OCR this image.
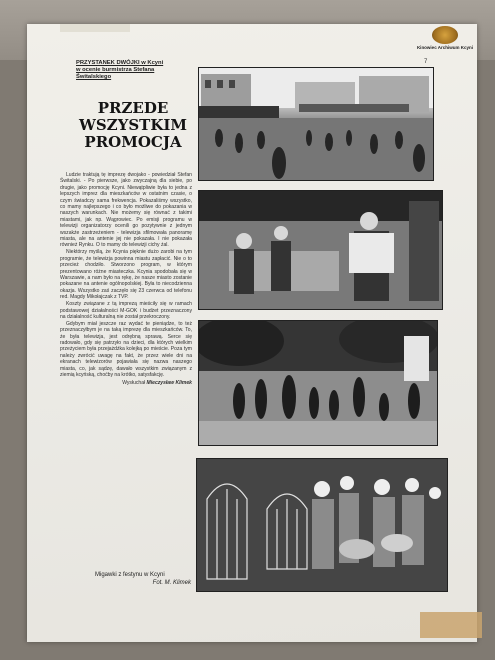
Kinowiec Archiwum Kcyni
7
PRZYSTANEK DWÓJKI w Kcyni
w ocenie burmistrza Stefana
Świtalskiego
PRZEDE
WSZYSTKIM
PROMOCJA

Ludzie traktują tę imprezę dwojako - powiedział Stefan Świtalski. - Po pierwsze, jako zwyczajną dla siebie, po drugie, jako promocję Kcyni. Niewątpliwie była to jedna z lepszych imprez dla mieszkańców w ostatnim czasie, o czym świadczy sama frekwencja. Pokazaliśmy wszystko, co mamy najlepszego i co było możliwe do pokazania w naszych warunkach. Nie możemy się równać z takimi miastami, jak np. Wągrowiec. Po emisji programu w telewizji organizatorzy ocenili go pozytywnie z jednym wszakże zastrzeżeniem - telewizja sfilmowała panoramę miasta, ale na antenie jej nie pokazała. I nie pokazała również Rynku. O to mamy do telewizji cichy żal.

Niektórzy myślą, że Kcynia pięknie dużo zarobi na tym programie, że telewizja powinna miastu zapłacić. Nie o to przecież chodziło. Stworzono program, w którym prezentowano różne miasteczka. Kcynia spodobała się w Warszawie, a nam było na rękę, że nasze miasto zostanie pokazane na antenie ogólnopolskiej. Była to niecodzienna okazja. Wszystko zaś zaczęło się 23 czerwca od telefonu red. Magdy Mikołajczak z TVP.

Koszty związane z tą imprezą mieściły się w ramach podstawowej działalności M-GOK i budżet przeznaczony na działalność kulturalną nie został przekroczony.

Gdybym miał jeszcze raz wydać te pieniądze, to też przeznaczyłbym je na taką imprezę dla mieszkańców. To, że była telewizja, jest odrębną sprawą. Serce się radowało, gdy się patrzyło na dzieci, dla których wielkim przeżyciem była przejażdżka kolejką po mieście. Poza tym należy zwrócić uwagę na fakt, że przez wiele dni na ekranach telewizorów pojawiała się nazwa naszego miasta, co, jak sądzę, dawało wszystkim związanym z ziemią kcyńską, choćby na krótko, satysfakcję.

Wysłuchał Mieczysław Klimek

Migawki z festynu w Kcyni
Fot. M. Klimek
